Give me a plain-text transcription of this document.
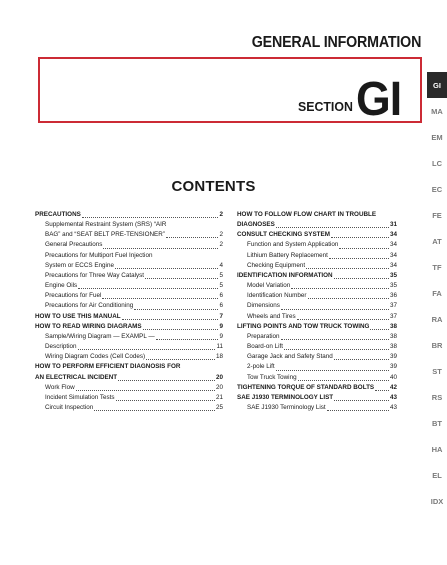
GENERAL INFORMATION
SECTION GI	GI
MA
EM
LC
EC
FE
AT
TF
FA
RA
BR
ST
RS
BT
HA
EL
IDX
CONTENTS
PRECAUTIONS	2
Supplemental Restraint System (SRS) “AIR
BAG” and “SEAT BELT PRE-TENSIONER”	2
General Precautions	2
Precautions for Multiport Fuel Injection
System or ECCS Engine	4
Precautions for Three Way Catalyst	5
Engine Oils	5
Precautions for Fuel	6
Precautions for Air Conditioning	6
HOW TO USE THIS MANUAL	7
HOW TO READ WIRING DIAGRAMS	9
Sample/Wiring Diagram — EXAMPL —	9
Description	11
Wiring Diagram Codes (Cell Codes)	18
HOW TO PERFORM EFFICIENT DIAGNOSIS FOR
AN ELECTRICAL INCIDENT	20
Work Flow	20
Incident Simulation Tests	21
Circuit Inspection	25
HOW TO FOLLOW FLOW CHART IN TROUBLE
DIAGNOSES	31
CONSULT CHECKING SYSTEM	34
Function and System Application	34
Lithium Battery Replacement	34
Checking Equipment	34
IDENTIFICATION INFORMATION	35
Model Variation	35
Identification Number	36
Dimensions	37
Wheels and Tires	37
LIFTING POINTS AND TOW TRUCK TOWING	38
Preparation	38
Board-on Lift	38
Garage Jack and Safety Stand	39
2-pole Lift	39
Tow Truck Towing	40
TIGHTENING TORQUE OF STANDARD BOLTS	42
SAE J1930 TERMINOLOGY LIST	43
SAE J1930 Terminology List	43
